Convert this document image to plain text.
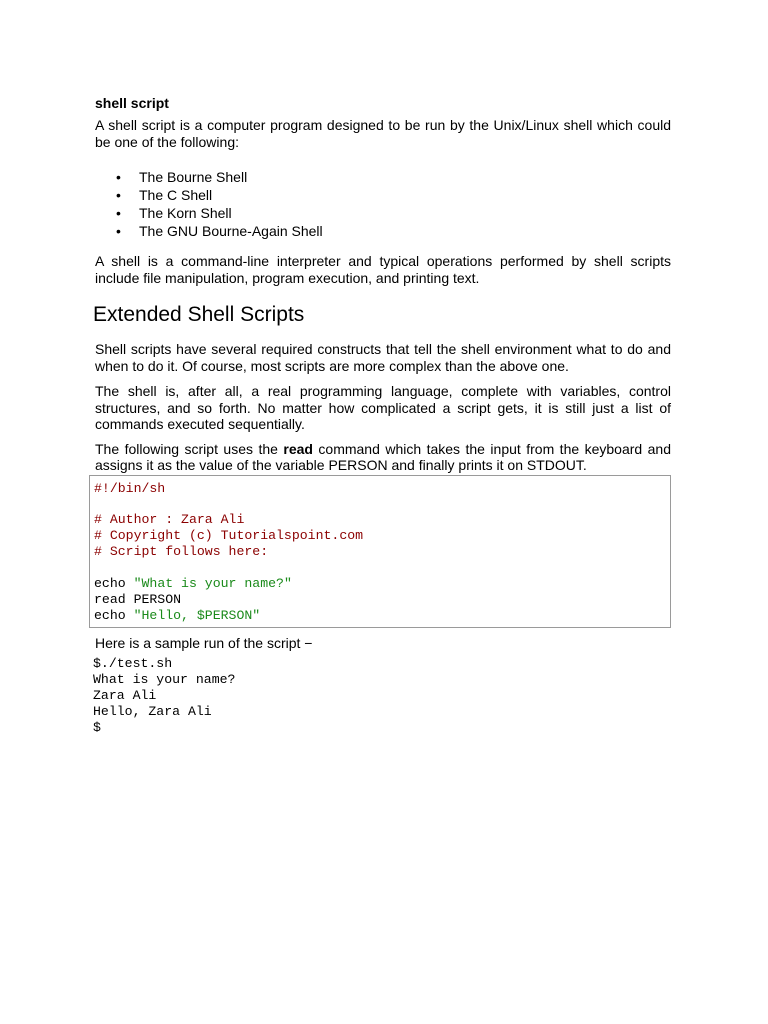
shell script

A shell script is a computer program designed to be run by the Unix/Linux shell which could be one of the following:

• The Bourne Shell
• The C Shell
• The Korn Shell
• The GNU Bourne-Again Shell

A shell is a command-line interpreter and typical operations performed by shell scripts include file manipulation, program execution, and printing text.

Extended Shell Scripts

Shell scripts have several required constructs that tell the shell environment what to do and when to do it. Of course, most scripts are more complex than the above one.

The shell is, after all, a real programming language, complete with variables, control structures, and so forth. No matter how complicated a script gets, it is still just a list of commands executed sequentially.

The following script uses the read command which takes the input from the keyboard and assigns it as the value of the variable PERSON and finally prints it on STDOUT.

#!/bin/sh

# Author : Zara Ali
# Copyright (c) Tutorialspoint.com
# Script follows here:

echo "What is your name?"
read PERSON
echo "Hello, $PERSON"

Here is a sample run of the script −

$./test.sh
What is your name?
Zara Ali
Hello, Zara Ali
$
